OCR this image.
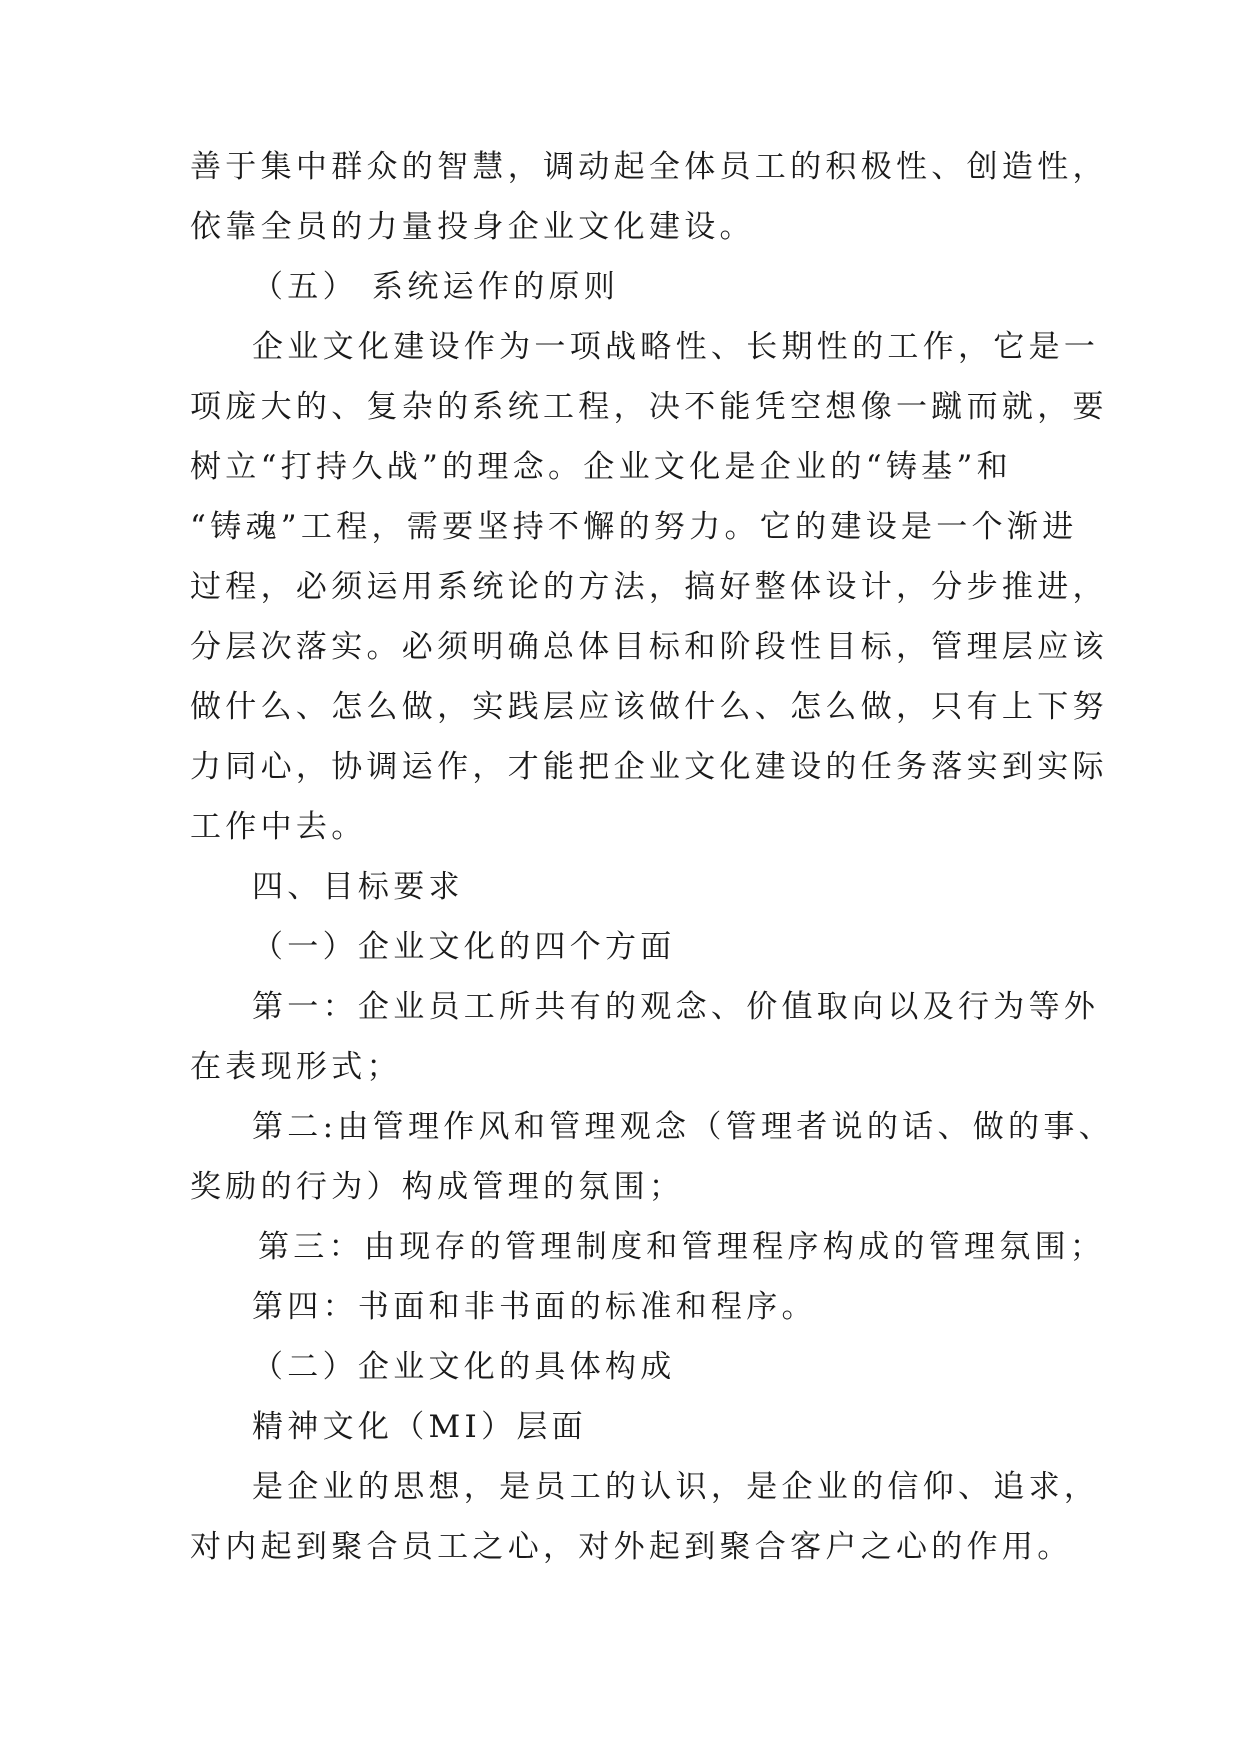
善于集中群众的智慧，调动起全体员工的积极性、创造性，
依靠全员的力量投身企业文化建设。
（五） 系统运作的原则
企业文化建设作为一项战略性、长期性的工作，它是一
项庞大的、复杂的系统工程，决不能凭空想像一蹴而就，要
树立“打持久战”的理念。企业文化是企业的“铸基”和
“铸魂”工程，需要坚持不懈的努力。它的建设是一个渐进
过程，必须运用系统论的方法，搞好整体设计，分步推进，
分层次落实。必须明确总体目标和阶段性目标，管理层应该
做什么、怎么做，实践层应该做什么、怎么做，只有上下努
力同心，协调运作，才能把企业文化建设的任务落实到实际
工作中去。
四、目标要求
（一）企业文化的四个方面
第一：企业员工所共有的观念、价值取向以及行为等外
在表现形式；
第二:由管理作风和管理观念（管理者说的话、做的事、
奖励的行为）构成管理的氛围；
第三：由现存的管理制度和管理程序构成的管理氛围；
第四：书面和非书面的标准和程序。
（二）企业文化的具体构成
精神文化（MI）层面
是企业的思想，是员工的认识，是企业的信仰、追求，
对内起到聚合员工之心，对外起到聚合客户之心的作用。
